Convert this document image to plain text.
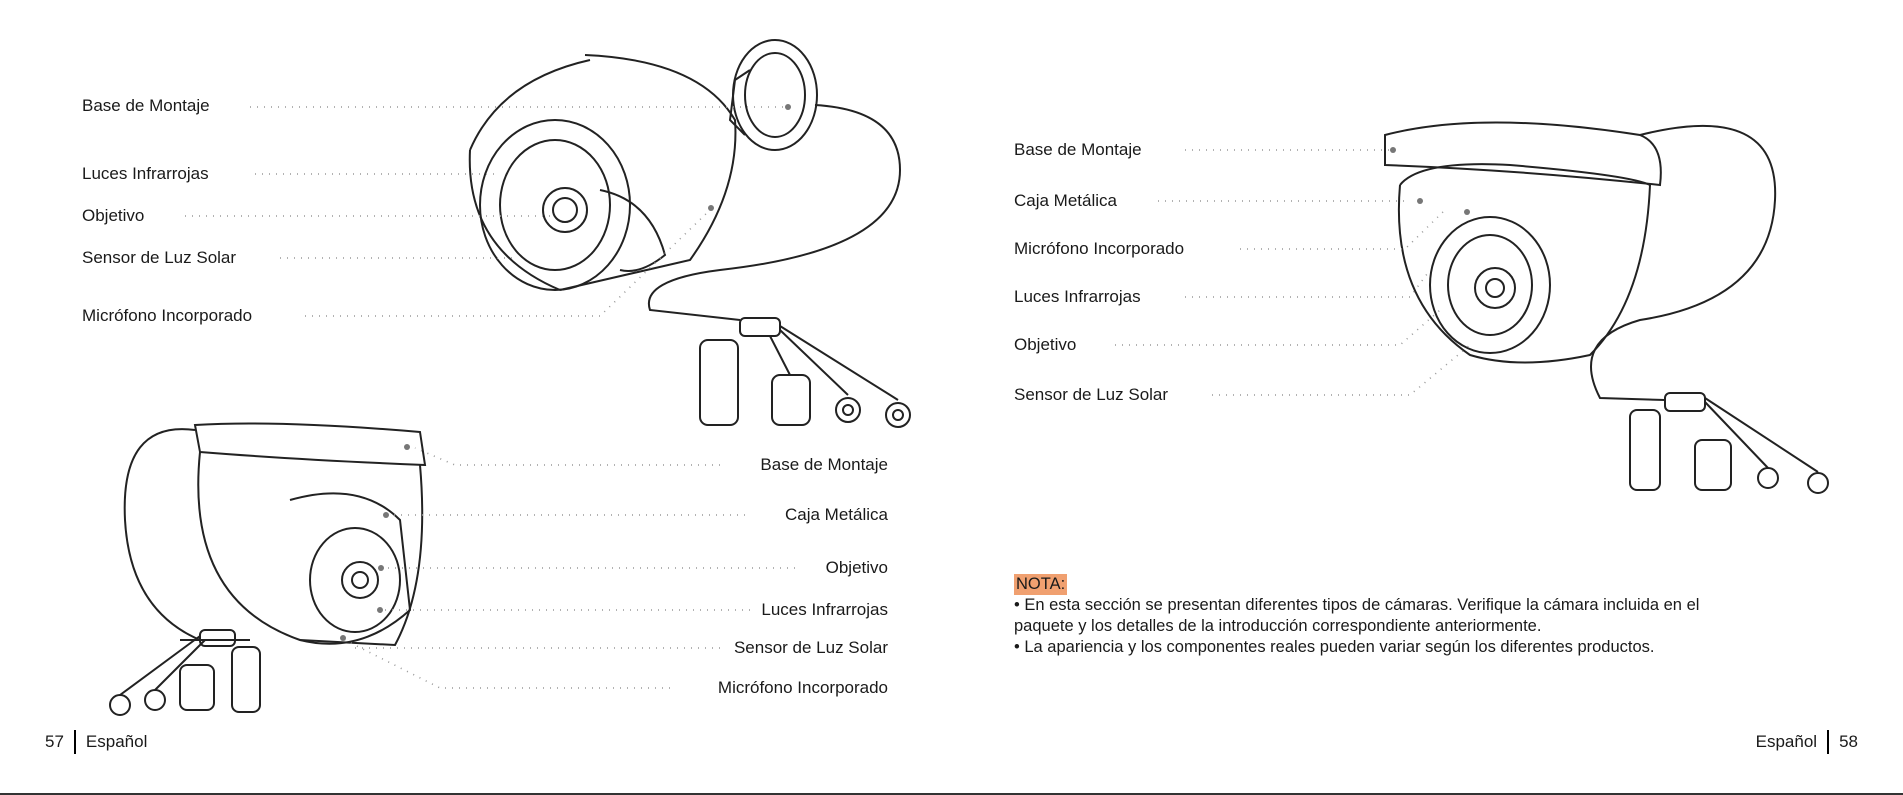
Base de Montaje
Luces Infrarrojas
Objetivo
Sensor de Luz Solar
Micrófono Incorporado
Base de Montaje
Caja Metálica
Objetivo
Luces Infrarrojas
Sensor de Luz Solar
Micrófono Incorporado
Base de Montaje
Caja Metálica
Micrófono Incorporado
Luces Infrarrojas
Objetivo
Sensor de Luz Solar
NOTA:
• En esta sección se presentan diferentes tipos de cámaras. Verifique la cámara incluida en el
paquete y los detalles de la introducción correspondiente anteriormente.
• La apariencia y los componentes reales pueden variar según los diferentes productos.
57 Español	Español 58
